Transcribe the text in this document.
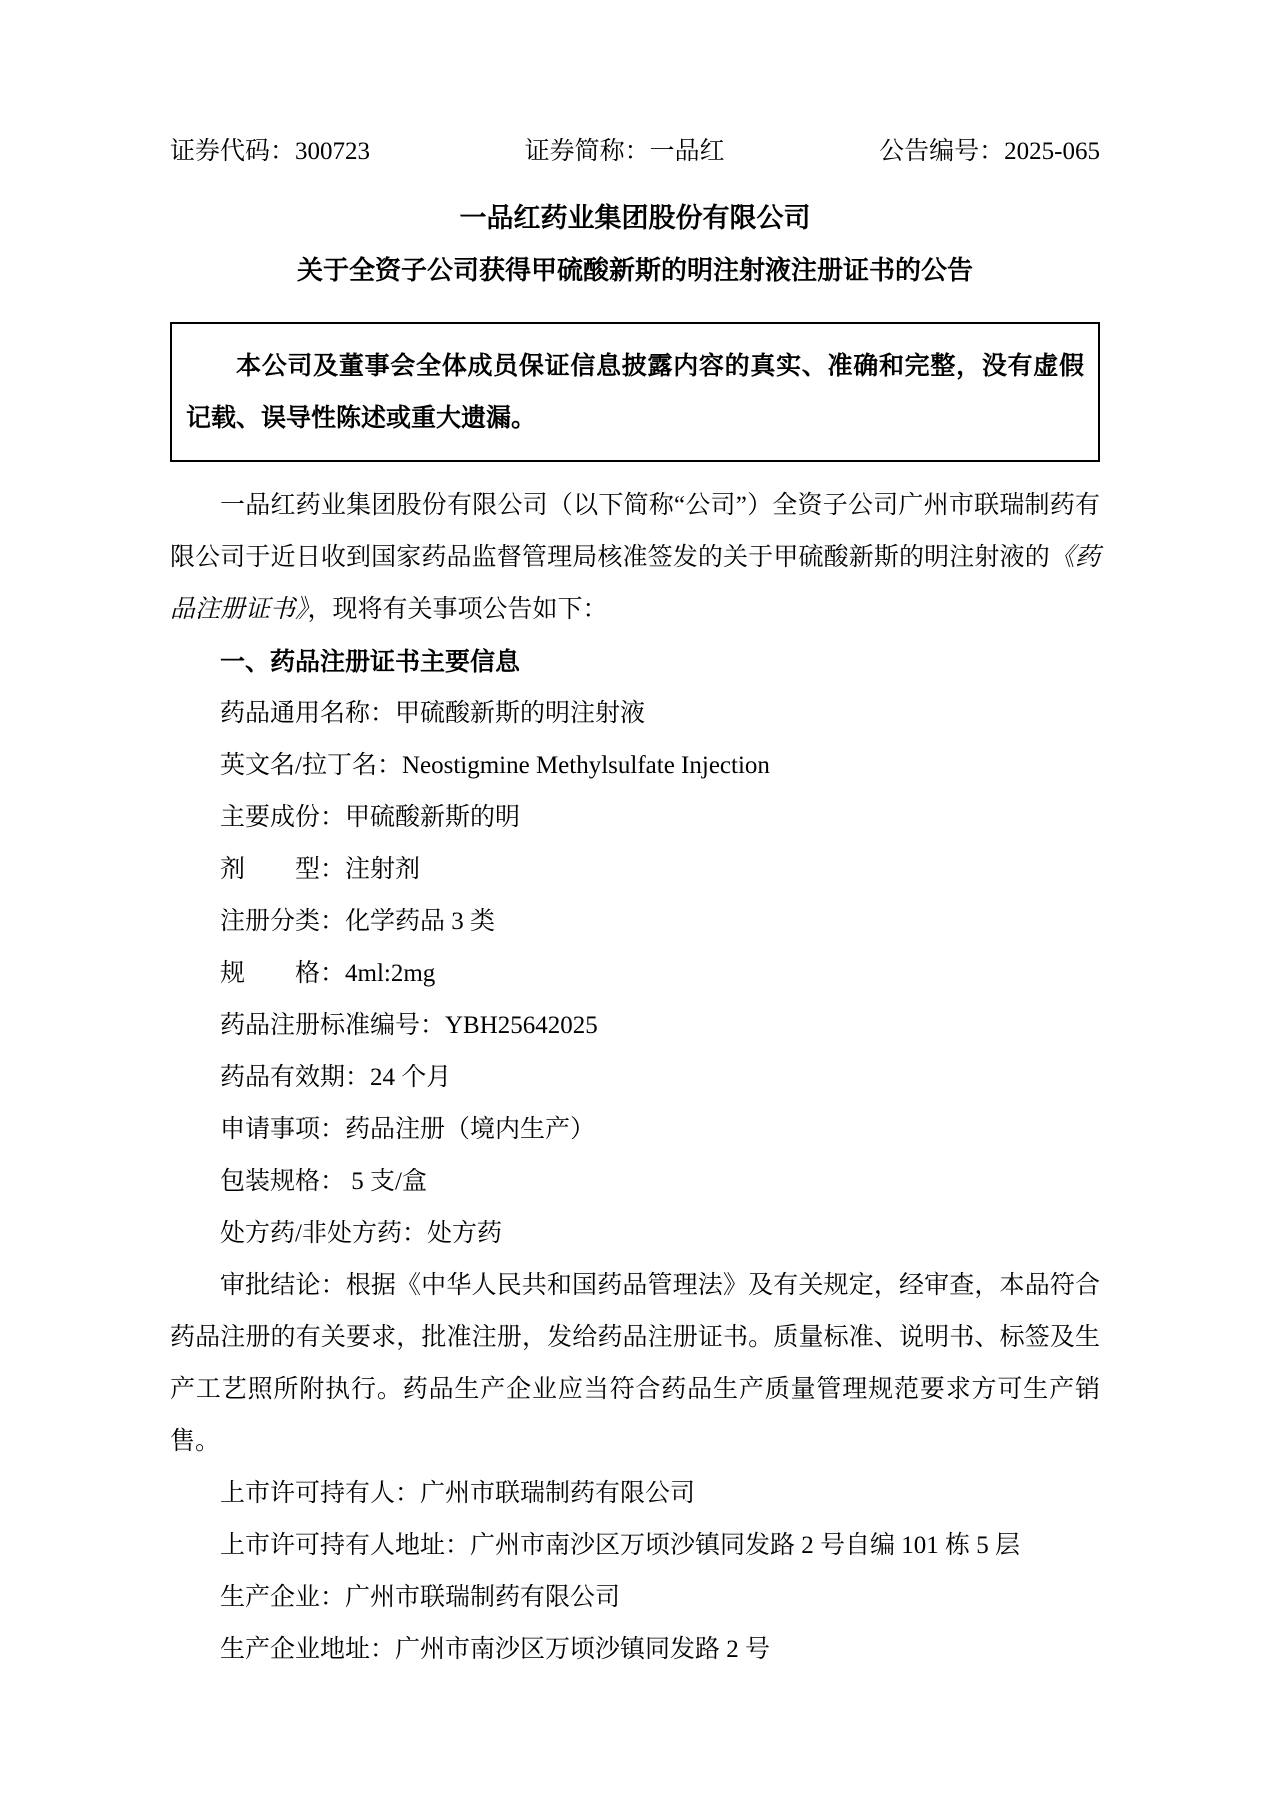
证券代码：300723	证券简称：一品红	公告编号：2025-065
一品红药业集团股份有限公司
关于全资子公司获得甲硫酸新斯的明注射液注册证书的公告

本公司及董事会全体成员保证信息披露内容的真实、准确和完整，没有虚假记载、误导性陈述或重大遗漏。

一品红药业集团股份有限公司（以下简称“公司”）全资子公司广州市联瑞制药有限公司于近日收到国家药品监督管理局核准签发的关于甲硫酸新斯的明注射液的《药品注册证书》，现将有关事项公告如下：

一、药品注册证书主要信息
药品通用名称：甲硫酸新斯的明注射液
英文名/拉丁名：Neostigmine Methylsulfate Injection
主要成份：甲硫酸新斯的明
剂　　型：注射剂
注册分类：化学药品 3 类
规　　格：4ml:2mg
药品注册标准编号：YBH25642025
药品有效期：24 个月
申请事项：药品注册（境内生产）
包装规格： 5 支/盒
处方药/非处方药：处方药

审批结论：根据《中华人民共和国药品管理法》及有关规定，经审查，本品符合药品注册的有关要求，批准注册，发给药品注册证书。质量标准、说明书、标签及生产工艺照所附执行。药品生产企业应当符合药品生产质量管理规范要求方可生产销售。

上市许可持有人：广州市联瑞制药有限公司
上市许可持有人地址：广州市南沙区万顷沙镇同发路 2 号自编 101 栋 5 层
生产企业：广州市联瑞制药有限公司
生产企业地址：广州市南沙区万顷沙镇同发路 2 号
